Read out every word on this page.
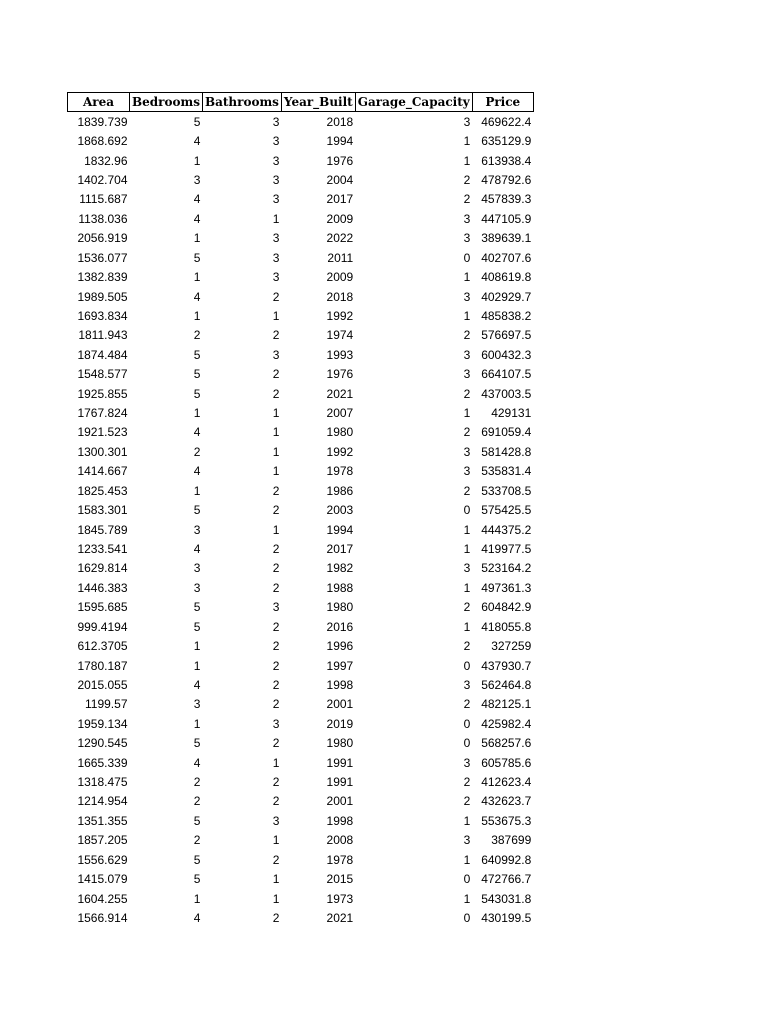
Area	Bedrooms	Bathrooms	Year_Built	Garage_Capacity	Price
1839.739	5	3	2018	3	469622.4
1868.692	4	3	1994	1	635129.9
1832.96	1	3	1976	1	613938.4
1402.704	3	3	2004	2	478792.6
1115.687	4	3	2017	2	457839.3
1138.036	4	1	2009	3	447105.9
2056.919	1	3	2022	3	389639.1
1536.077	5	3	2011	0	402707.6
1382.839	1	3	2009	1	408619.8
1989.505	4	2	2018	3	402929.7
1693.834	1	1	1992	1	485838.2
1811.943	2	2	1974	2	576697.5
1874.484	5	3	1993	3	600432.3
1548.577	5	2	1976	3	664107.5
1925.855	5	2	2021	2	437003.5
1767.824	1	1	2007	1	429131
1921.523	4	1	1980	2	691059.4
1300.301	2	1	1992	3	581428.8
1414.667	4	1	1978	3	535831.4
1825.453	1	2	1986	2	533708.5
1583.301	5	2	2003	0	575425.5
1845.789	3	1	1994	1	444375.2
1233.541	4	2	2017	1	419977.5
1629.814	3	2	1982	3	523164.2
1446.383	3	2	1988	1	497361.3
1595.685	5	3	1980	2	604842.9
999.4194	5	2	2016	1	418055.8
612.3705	1	2	1996	2	327259
1780.187	1	2	1997	0	437930.7
2015.055	4	2	1998	3	562464.8
1199.57	3	2	2001	2	482125.1
1959.134	1	3	2019	0	425982.4
1290.545	5	2	1980	0	568257.6
1665.339	4	1	1991	3	605785.6
1318.475	2	2	1991	2	412623.4
1214.954	2	2	2001	2	432623.7
1351.355	5	3	1998	1	553675.3
1857.205	2	1	2008	3	387699
1556.629	5	2	1978	1	640992.8
1415.079	5	1	2015	0	472766.7
1604.255	1	1	1973	1	543031.8
1566.914	4	2	2021	0	430199.5
